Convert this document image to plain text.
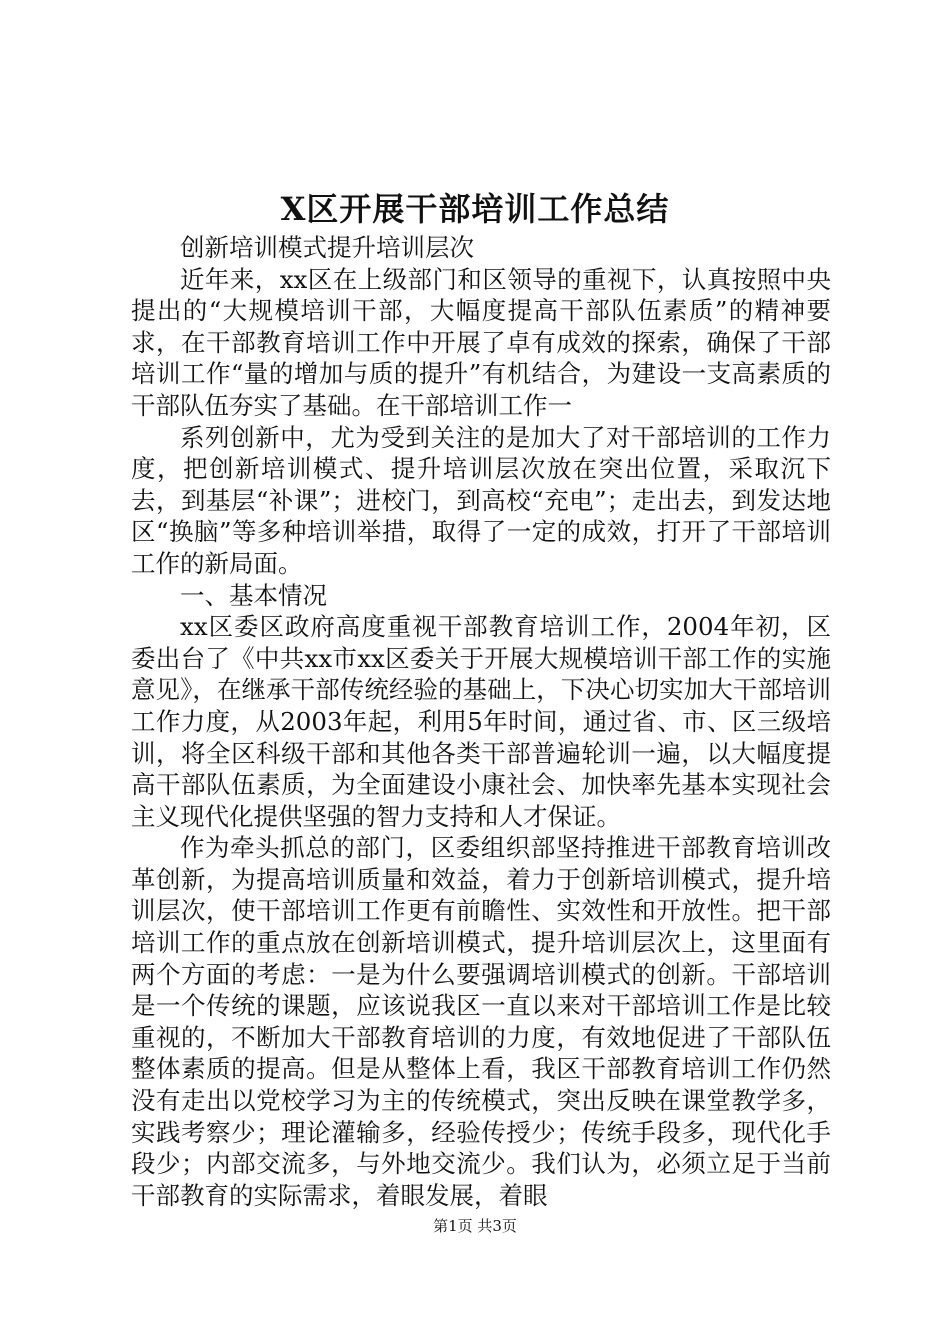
X区开展干部培训工作总结

创新培训模式提升培训层次

近年来，xx区在上级部门和区领导的重视下，认真按照中央提出的“大规模培训干部，大幅度提高干部队伍素质”的精神要求，在干部教育培训工作中开展了卓有成效的探索，确保了干部培训工作“量的增加与质的提升”有机结合，为建设一支高素质的干部队伍夯实了基础。在干部培训工作一

系列创新中，尤为受到关注的是加大了对干部培训的工作力度，把创新培训模式、提升培训层次放在突出位置，采取沉下去，到基层“补课”；进校门，到高校“充电”；走出去，到发达地区“换脑”等多种培训举措，取得了一定的成效，打开了干部培训工作的新局面。

一、基本情况

xx区委区政府高度重视干部教育培训工作，2004年初，区委出台了《中共xx市xx区委关于开展大规模培训干部工作的实施意见》，在继承干部传统经验的基础上，下决心切实加大干部培训工作力度，从2003年起，利用5年时间，通过省、市、区三级培训，将全区科级干部和其他各类干部普遍轮训一遍，以大幅度提高干部队伍素质，为全面建设小康社会、加快率先基本实现社会主义现代化提供坚强的智力支持和人才保证。

作为牵头抓总的部门，区委组织部坚持推进干部教育培训改革创新，为提高培训质量和效益，着力于创新培训模式，提升培训层次，使干部培训工作更有前瞻性、实效性和开放性。把干部培训工作的重点放在创新培训模式，提升培训层次上，这里面有两个方面的考虑：一是为什么要强调培训模式的创新。干部培训是一个传统的课题，应该说我区一直以来对干部培训工作是比较重视的，不断加大干部教育培训的力度，有效地促进了干部队伍整体素质的提高。但是从整体上看，我区干部教育培训工作仍然没有走出以党校学习为主的传统模式，突出反映在课堂教学多，实践考察少；理论灌输多，经验传授少；传统手段多，现代化手段少；内部交流多，与外地交流少。我们认为，必须立足于当前干部教育的实际需求，着眼发展，着眼

第1页 共3页
